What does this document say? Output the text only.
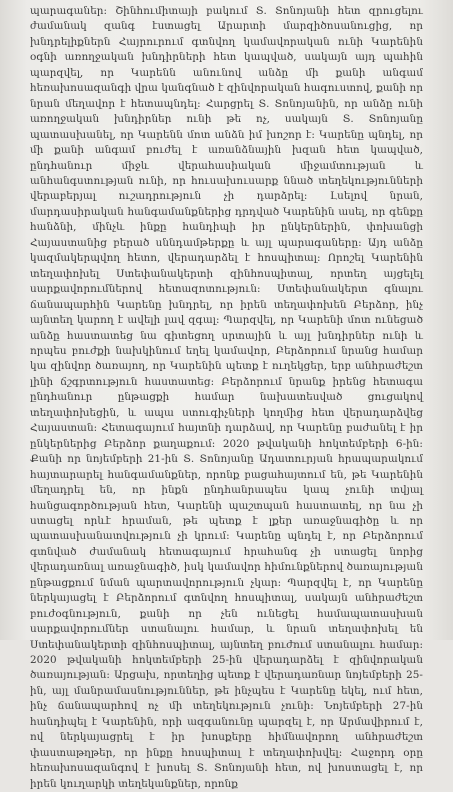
պարագաներ: Շինհումիտայի բակում Տ. Տոնոյանի հետ զրուցելու ժամանակ զանգ էստացել Արարտի մարզիծոսանուցից, որ խնդրելիքներն Հայրուրում գտնվող կամավորական ունի Կարենին օգնի առողջական խնդիրների հետ կապված, սակայն այդ պահին պարզվել, որ Կարենն անունով անձը մի քանի անգամ հեռախոսազանգի վրա կանգնած է զինվորական հագուստով, քանի որ նրան մեղավոր է հետապնդել: Հարցրել Տ. Տոնոյանին, որ անձը ունի առողջական խնդիրներ ունի թե ոչ, սակայն Տ. Տոնոյանը պատասխանել, որ Կարենն մոտ անձն իմ խոշոր է: Կարենը պնդել, որ մի քանի անգամ բուժել է առանձնային խզան հետ կապված, ընդհանուր միջև վերահասիական միջամտության և անհանգստության ունի, որ հուսախուսարք ննած տեղեկությունների վերաբերյալ ուշադրություն չի դարձրել: Լսելով նրան, մարդասիրական հանգամանքներից դրդված Կարենին ասել, որ գենքը հանձնի, մինչև ինքը հանդիպի իր ընկերներին, փոխանցի Հայաստանից բերած սննդամթերքը և այլ պարագաները: Այդ անձը կազմակերպվող հետո, վերադարձել է հոսպիտալ: Որոշել Կարենին տեղափոխել Ստեփանակերտի զինհոսպիտալ, որտեղ այցելել սարքավորումներով հետազոտություն: Ստեփանակերտ գնալու ճանապարհին Կարենը խնդրել, որ իրեն տեղափոխեն Բերձոր, ինչ այնտեղ կարող է ավելի լավ զգալ: Պարզվել, որ Կարենի մոտ ունեցած անձը հաստատեց նա գիտեցող սրտային և այլ խնդիրներ ունի և որպես բուժքի նախկինում եղել կամավոր, Բերձորում նրանց համար կա զինվոր ծառայող, որ Կարենին պետք է ուղեկցեր, երբ անհրաժեշտ լինի ճշգրտություն հաստատեց: Բերձորում նրանք իրենց հետագա ընդհանուր ընթացքի համար նախատեսված ցուցակով տեղափոխեցին, և ապա ստուգիչների կողմից հետ վերադարձվեց Հայաստան: Հետագայում հայտնի դարձավ, որ Կարենը բաժանել է իր ընկերներից Բերձոր քաղաքում: 2020 թվականի հոկտեմբերի 6-ին: Քանի որ նոյեմբերի 21-ին Տ. Տոնոյանը Ադատուրյան հրապարակում հայտարարել հանգամանքներ, որոնք բացահայտում են, թե Կարենին մեղադրել են, որ ինքն ընդհանրապես կապ չունի տվյալ հանցագործության հետ, Կարենի պաշտպան հաստատել, որ նա չի ստացել որևէ հրաման, թե պետք է լքեր առաջնագիծը և որ պատասխանատվություն չի կրում: Կարենը պնդել է, որ Բերձորում գտնված ժամանակ հետագայում հրահանգ չի ստացել նորից վերադառնալ առաջնագիծ, իսկ կամավոր հիմունքներով ծառայության ընթացքում նման պարտավորություն չկար: Պարզվել է, որ Կարենը ներկայացել է Բերձորում գտնվող հոսպիտալ, սակայն անհրաժեշտ բուժօգնություն, քանի որ չեն ունեցել համապատասխան սարքավորումներ ստանալու համար, և նրան տեղափոխել են Ստեփանակերտի զինհոսպիտալ, այնտեղ բուժում ստանալու համար: 2020 թվականի հոկտեմբերի 25-ին վերադարձել է զինվորական ծառայության: Արցախ, որտեղից պետք է վերադառնար նոյեմբերի 25-ին, այլ մանրամասնություններ, թե ինչպես է Կարենը եկել, ում հետ, ինչ ճանապարհով ոչ մի տեղեկություն չունի: Նոյեմբերի 27-ին հանդիպել է Կարենին, որի ազգանունը պարզել է, որ Արմավիրում է, ով ներկայացրել է իր խոսքերը հիմնավորող անհրաժեշտ փաստաթղթեր, որ ինքը հոսպիտալ է տեղափոխվել: Հաջորդ օրը հեռախոսազանգով է խոսել Տ. Տոնոյանի հետ, ով խոստացել է, որ իրեն կուղարկի տեղեկանքներ, որոնք
